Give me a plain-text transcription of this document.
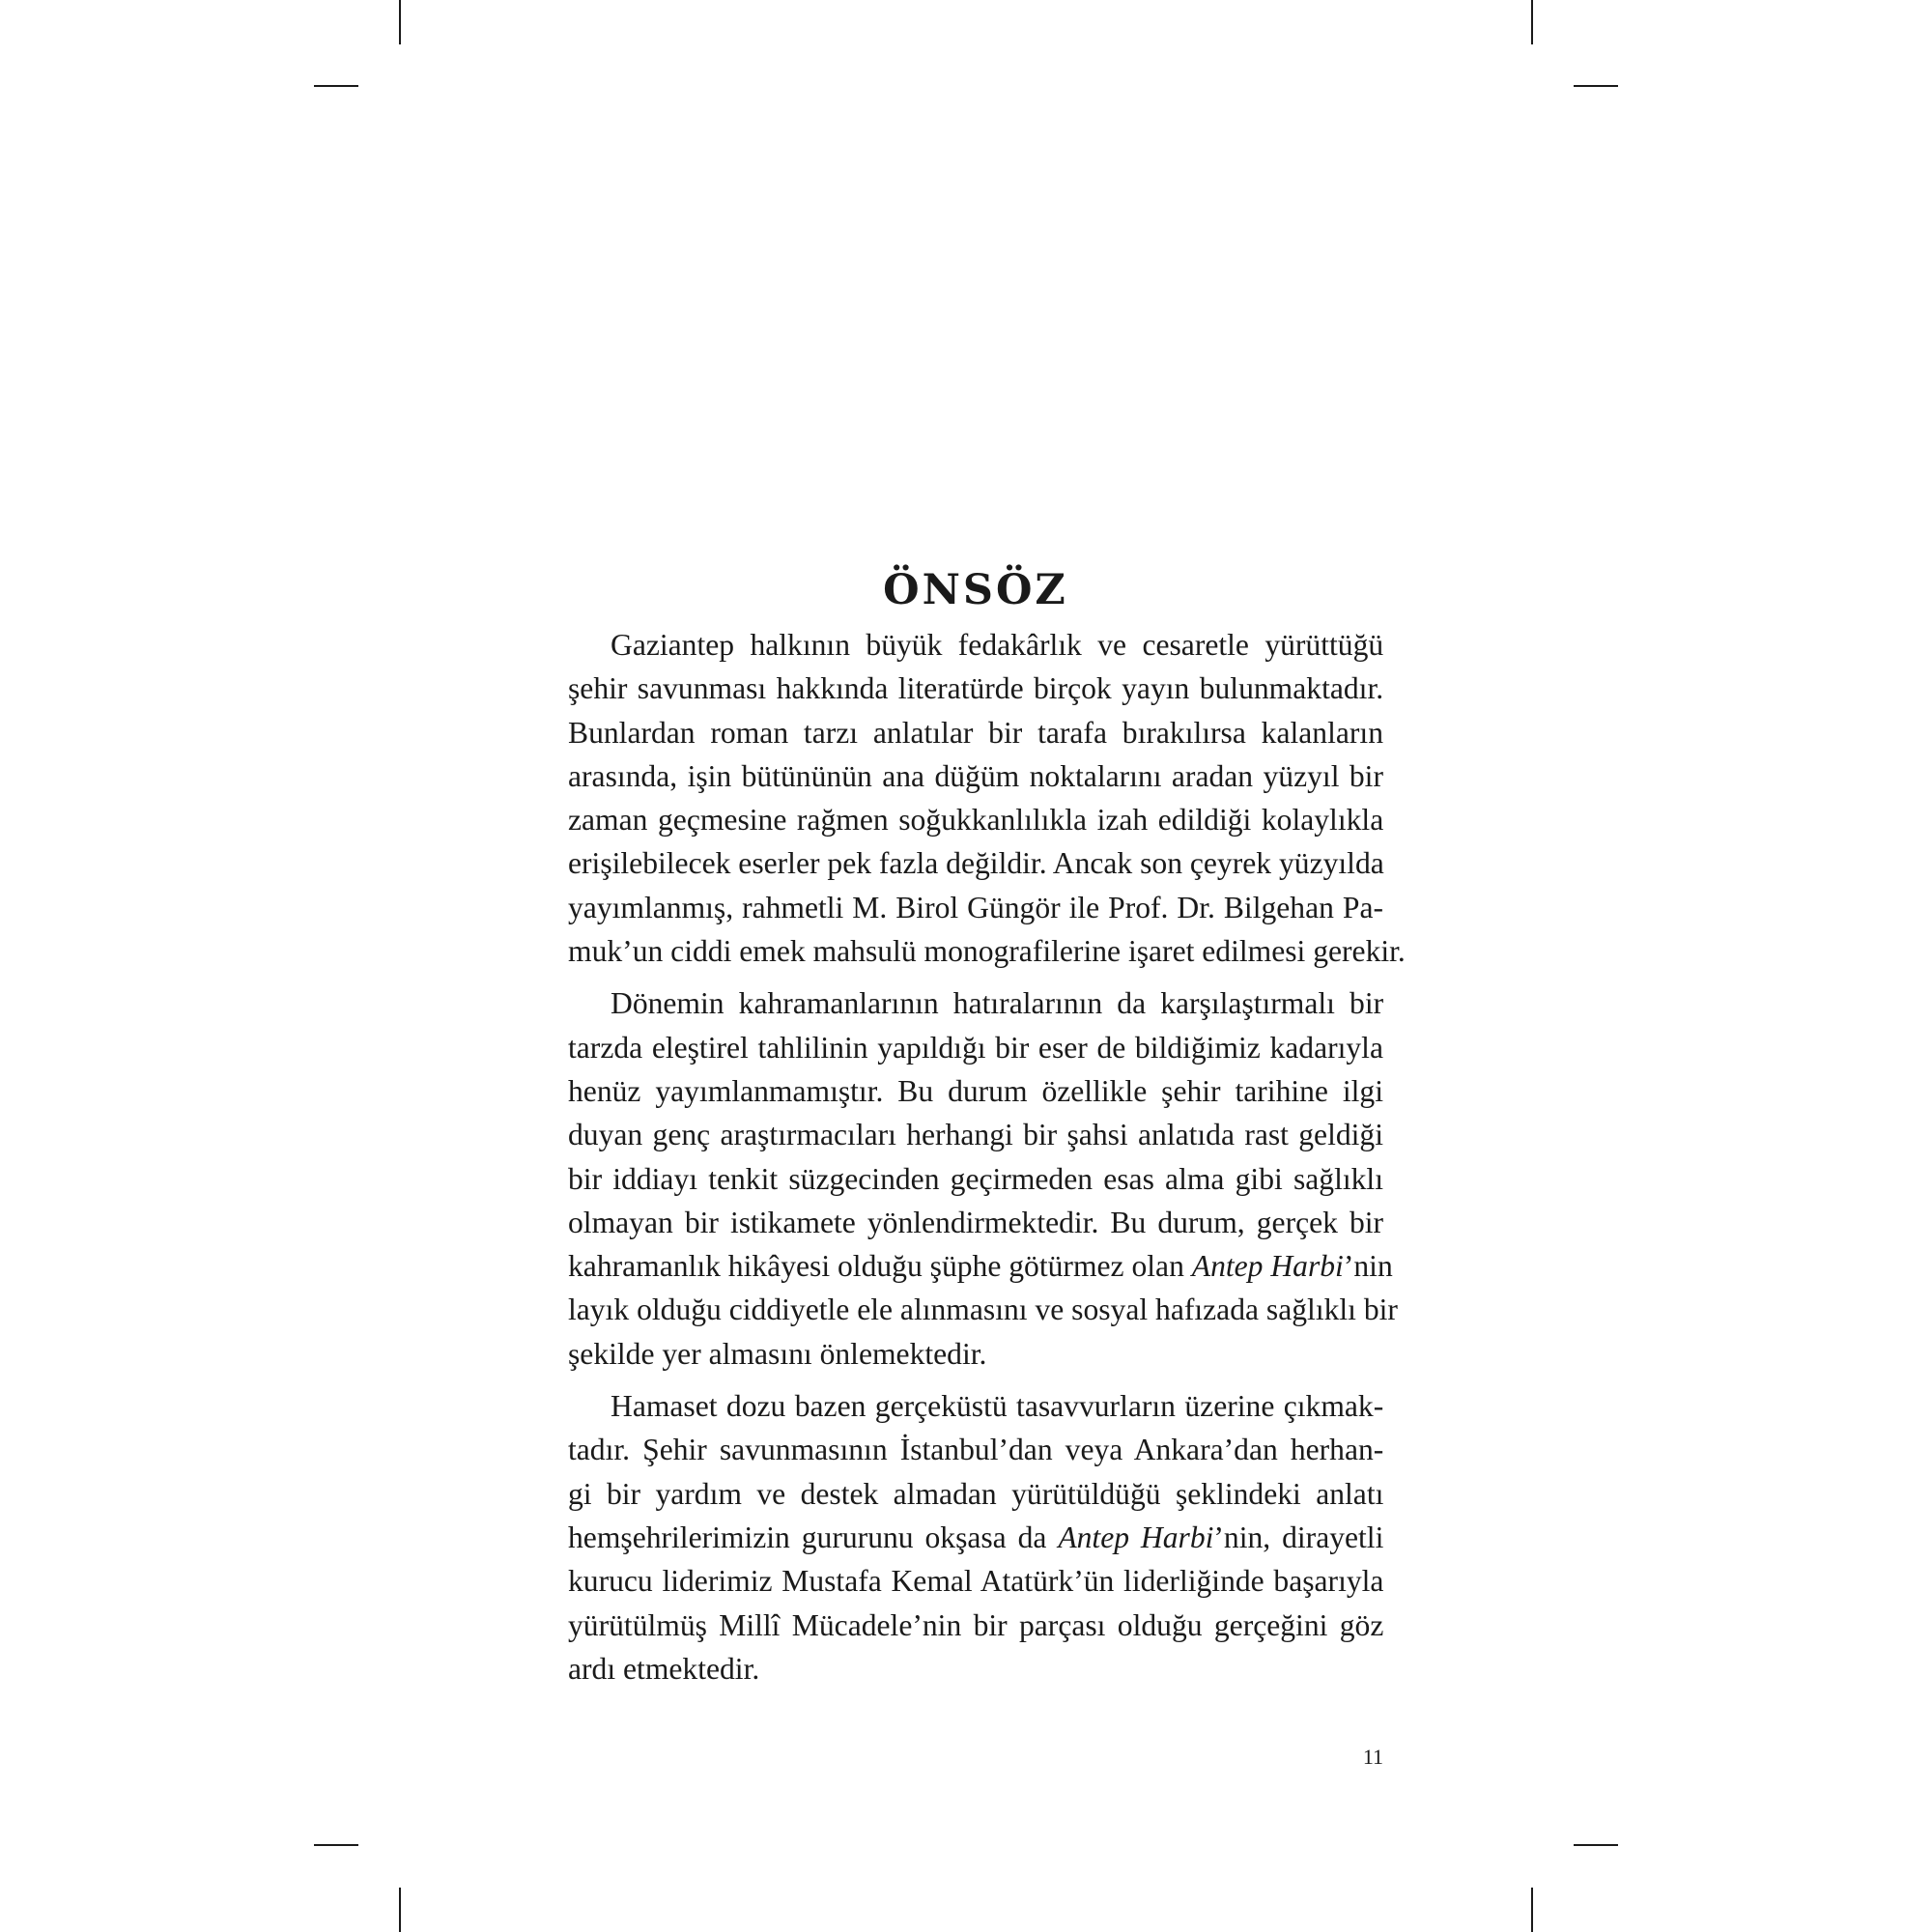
ÖNSÖZ
Gaziantep halkının büyük fedakârlık ve cesaretle yürüttüğü
şehir savunması hakkında literatürde birçok yayın bulunmaktadır.
Bunlardan roman tarzı anlatılar bir tarafa bırakılırsa kalanların
arasında, işin bütününün ana düğüm noktalarını aradan yüzyıl bir
zaman geçmesine rağmen soğukkanlılıkla izah edildiği kolaylıkla
erişilebilecek eserler pek fazla değildir. Ancak son çeyrek yüzyılda
yayımlanmış, rahmetli M. Birol Güngör ile Prof. Dr. Bilgehan Pa-
muk’un ciddi emek mahsulü monografilerine işaret edilmesi gerekir.
Dönemin kahramanlarının hatıralarının da karşılaştırmalı bir
tarzda eleştirel tahlilinin yapıldığı bir eser de bildiğimiz kadarıyla
henüz yayımlanmamıştır. Bu durum özellikle şehir tarihine ilgi
duyan genç araştırmacıları herhangi bir şahsi anlatıda rast geldiği
bir iddiayı tenkit süzgecinden geçirmeden esas alma gibi sağlıklı
olmayan bir istikamete yönlendirmektedir. Bu durum, gerçek bir
kahramanlık hikâyesi olduğu şüphe götürmez olan Antep Harbi’nin
layık olduğu ciddiyetle ele alınmasını ve sosyal hafızada sağlıklı bir
şekilde yer almasını önlemektedir.
Hamaset dozu bazen gerçeküstü tasavvurların üzerine çıkmak-
tadır. Şehir savunmasının İstanbul’dan veya Ankara’dan herhan-
gi bir yardım ve destek almadan yürütüldüğü şeklindeki anlatı
hemşehrilerimizin gururunu okşasa da Antep Harbi’nin, dirayetli
kurucu liderimiz Mustafa Kemal Atatürk’ün liderliğinde başarıyla
yürütülmüş Millî Mücadele’nin bir parçası olduğu gerçeğini göz
ardı etmektedir.
11
